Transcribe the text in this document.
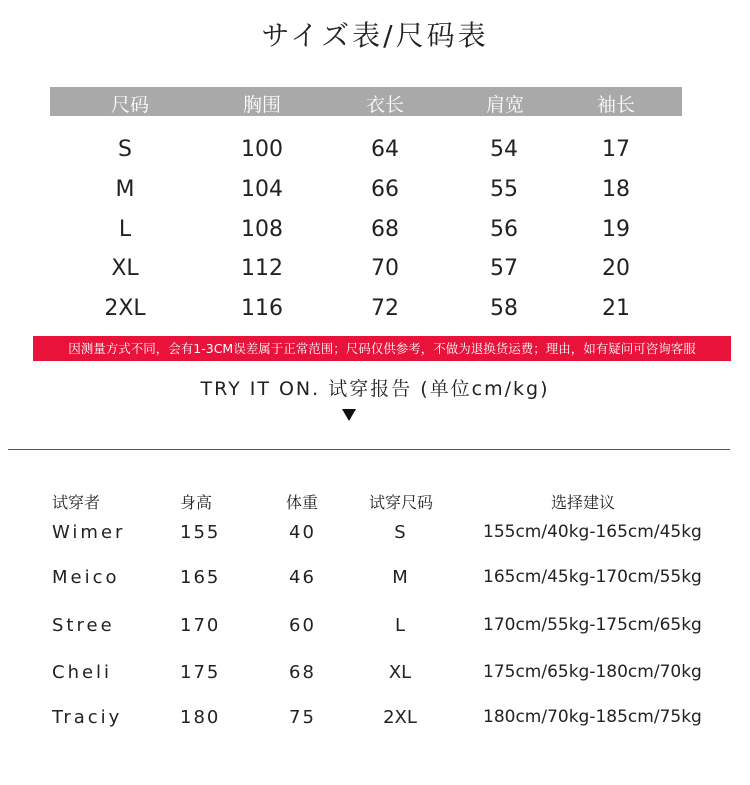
サイズ表/尺码表
尺码	胸围	衣长	肩宽	袖长
S	100	64	54	17
M	104	66	55	18
L	108	68	56	19
XL	112	70	57	20
2XL	116	72	58	21
因测量方式不同，会有1-3CM误差属于正常范围；尺码仅供参考，不做为退换货运费；理由，如有疑问可咨询客服
TRY IT ON. 试穿报告 (单位cm/kg)
试穿者	身高	体重	试穿尺码	选择建议
Wimer	155	40	S	155cm/40kg-165cm/45kg
Meico	165	46	M	165cm/45kg-170cm/55kg
Stree	170	60	L	170cm/55kg-175cm/65kg
Cheli	175	68	XL	175cm/65kg-180cm/70kg
Traciy	180	75	2XL	180cm/70kg-185cm/75kg
